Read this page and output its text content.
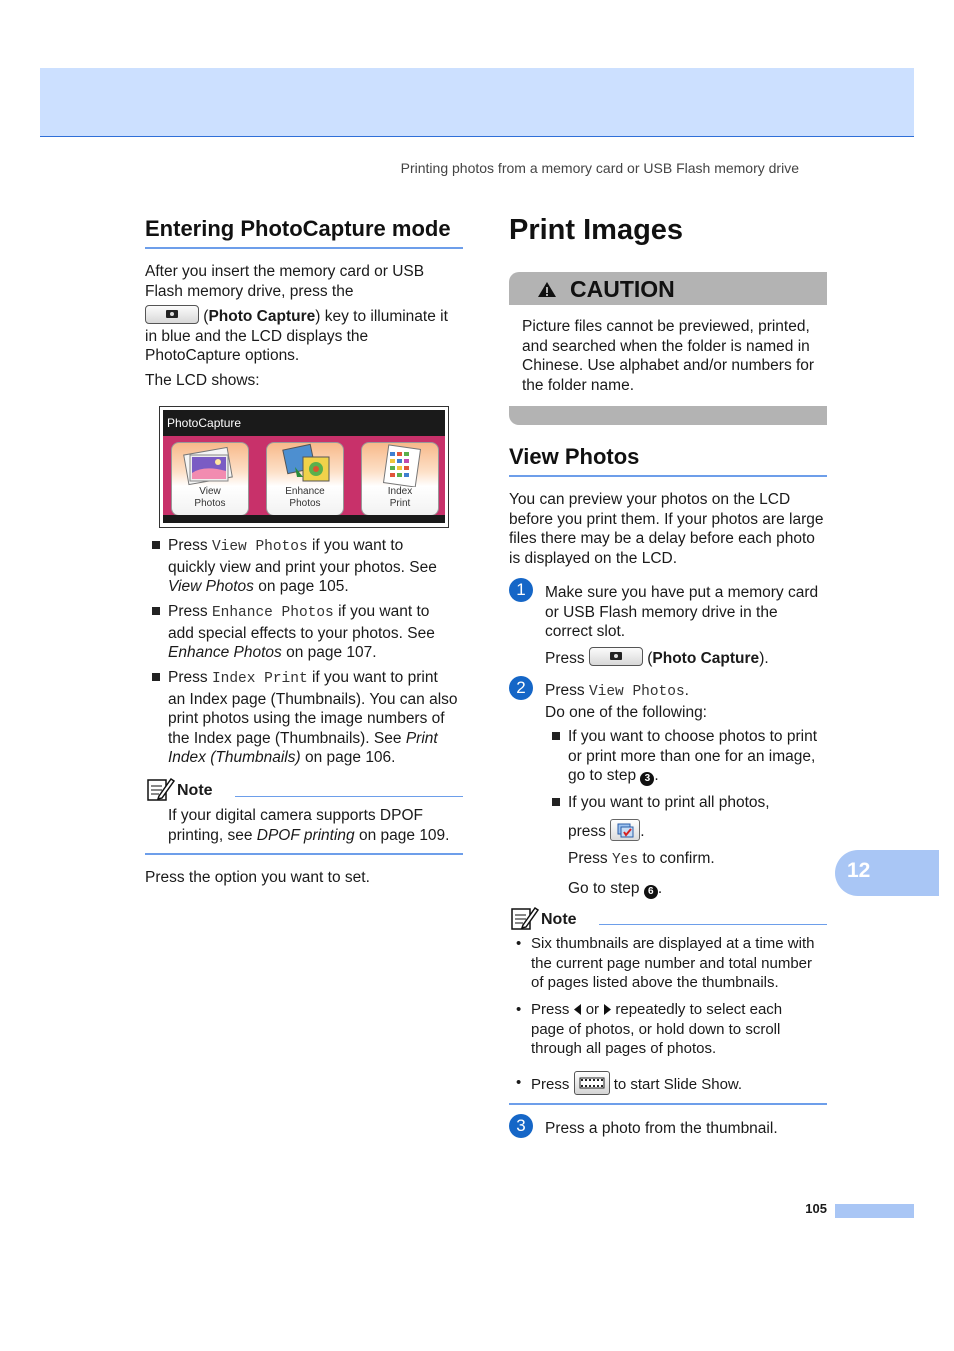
Printing photos from a memory card or USB Flash memory drive
Entering PhotoCapture mode
After you insert the memory card or USB
Flash memory drive, press the
(Photo Capture) key to illuminate it
in blue and the LCD displays the
PhotoCapture options.
The LCD shows:
PhotoCapture
View
Photos
Enhance
Photos
Index
Print
Press View Photos if you want to
quickly view and print your photos. See
View Photos on page 105.
Press Enhance Photos if you want to
add special effects to your photos. See
Enhance Photos on page 107.
Press Index Print if you want to print
an Index page (Thumbnails). You can also
print photos using the image numbers of
the Index page (Thumbnails). See Print
Index (Thumbnails) on page 106.
Note
If your digital camera supports DPOF
printing, see DPOF printing on page 109.
Press the option you want to set.
Print Images
CAUTION
Picture files cannot be previewed, printed,
and searched when the folder is named in
Chinese. Use alphabet and/or numbers for
the folder name.
View Photos
You can preview your photos on the LCD
before you print them. If your photos are large
files there may be a delay before each photo
is displayed on the LCD.
1	Make sure you have put a memory card
or USB Flash memory drive in the
correct slot.
Press	(Photo Capture).
2	Press View Photos.
Do one of the following:
If you want to choose photos to print
or print more than one for an image,
go to step 3 .
If you want to print all photos,
press .
Press Yes to confirm.
Go to step 6 .
Note
• Six thumbnails are displayed at a time with
the current page number and total number
of pages listed above the thumbnails.
• Press or repeatedly to select each
page of photos, or hold down to scroll
through all pages of photos.
• Press	to start Slide Show.
3	Press a photo from the thumbnail.
12
105
